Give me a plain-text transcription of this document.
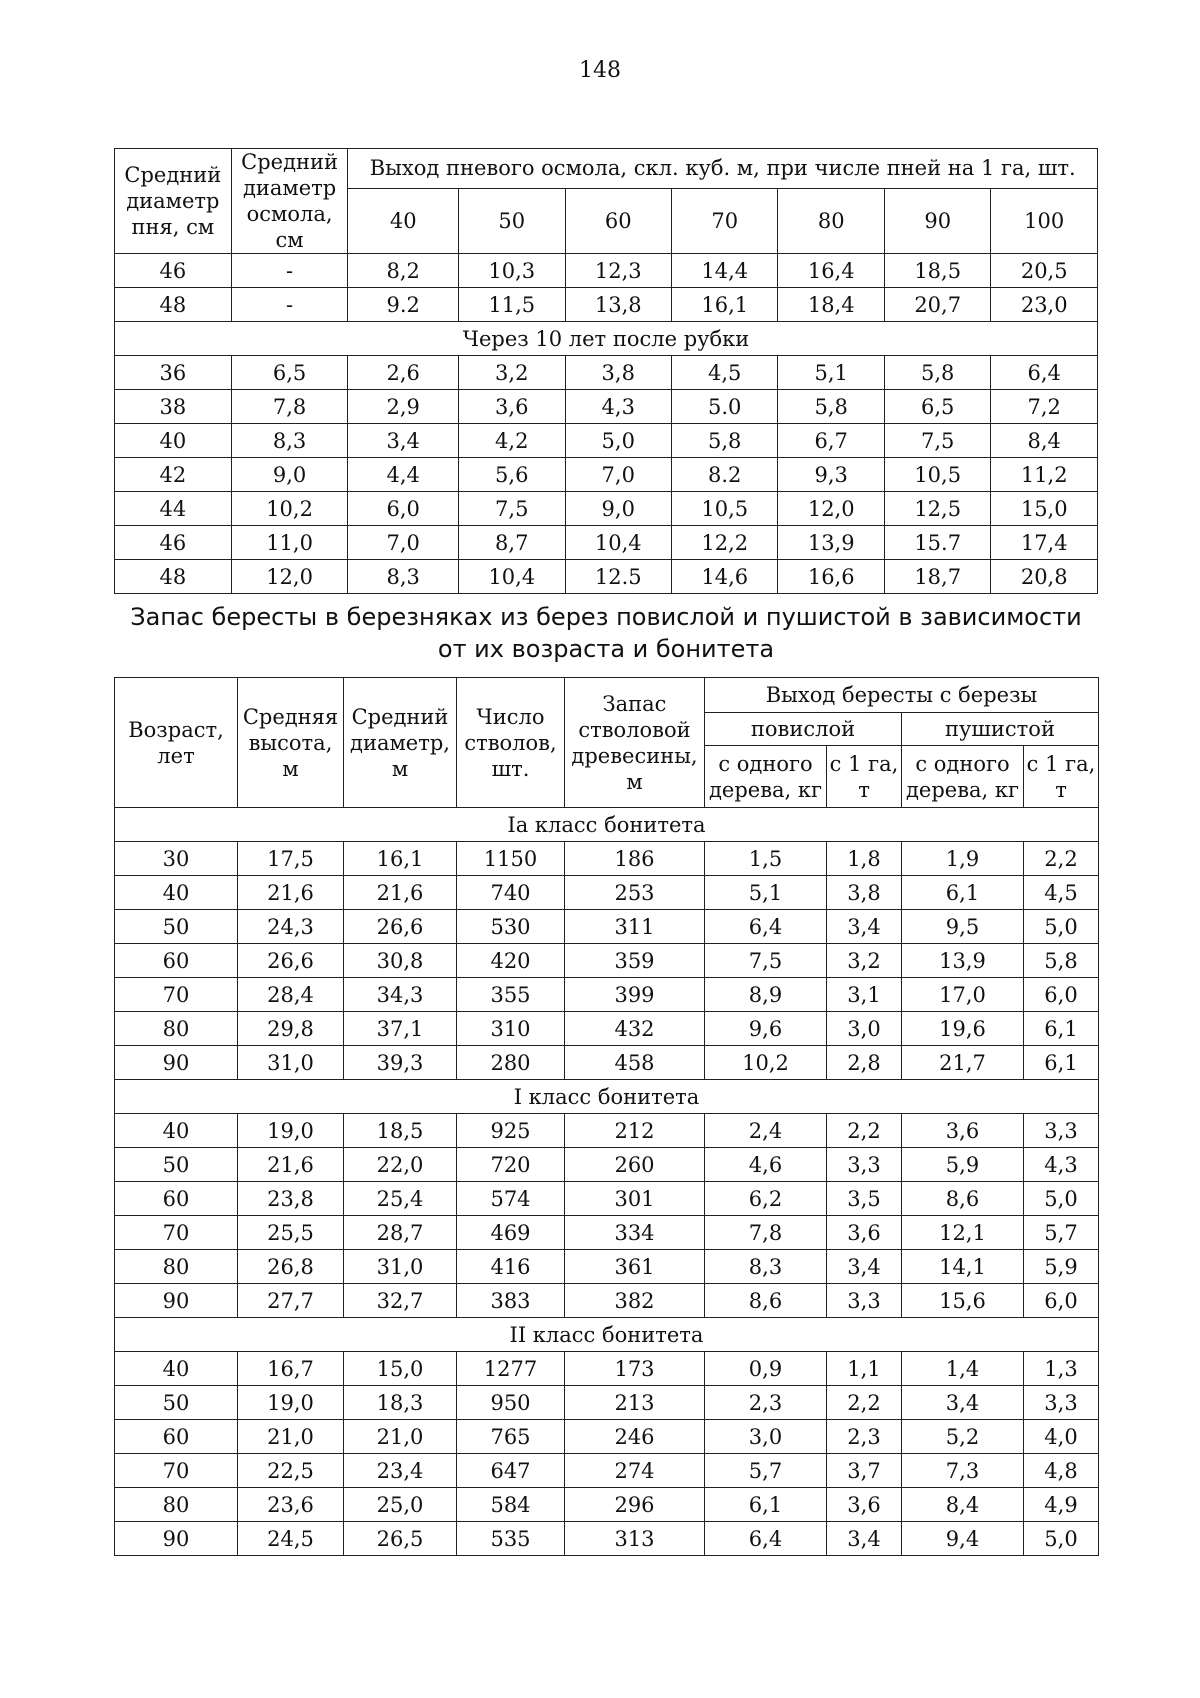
148
Средний диаметр пня, см	Средний диаметр осмола, см	Выход пневого осмола, скл. куб. м, при числе пней на 1 га, шт.						
		40	50	60	70	80	90	100
46	-	8,2	10,3	12,3	14,4	16,4	18,5	20,5
48	-	9.2	11,5	13,8	16,1	18,4	20,7	23,0
Через 10 лет после рубки								
36	6,5	2,6	3,2	3,8	4,5	5,1	5,8	6,4
38	7,8	2,9	3,6	4,3	5.0	5,8	6,5	7,2
40	8,3	3,4	4,2	5,0	5,8	6,7	7,5	8,4
42	9,0	4,4	5,6	7,0	8.2	9,3	10,5	11,2
44	10,2	6,0	7,5	9,0	10,5	12,0	12,5	15,0
46	11,0	7,0	8,7	10,4	12,2	13,9	15.7	17,4
48	12,0	8,3	10,4	12.5	14,6	16,6	18,7	20,8
Запас бересты в березняках из берез повислой и пушистой в зависимости
от их возраста и бонитета
Возраст, лет	Средняя высота, м	Средний диаметр, м	Число стволов, шт.	Запас стволовой древесины, м	Выход бересты с березы			
					повислой		пушистой	
					с одного дерева, кг	с 1 га, т	с одного дерева, кг	с 1 га, т
Ia класс бонитета								
30	17,5	16,1	1150	186	1,5	1,8	1,9	2,2
40	21,6	21,6	740	253	5,1	3,8	6,1	4,5
50	24,3	26,6	530	311	6,4	3,4	9,5	5,0
60	26,6	30,8	420	359	7,5	3,2	13,9	5,8
70	28,4	34,3	355	399	8,9	3,1	17,0	6,0
80	29,8	37,1	310	432	9,6	3,0	19,6	6,1
90	31,0	39,3	280	458	10,2	2,8	21,7	6,1
I класс бонитета								
40	19,0	18,5	925	212	2,4	2,2	3,6	3,3
50	21,6	22,0	720	260	4,6	3,3	5,9	4,3
60	23,8	25,4	574	301	6,2	3,5	8,6	5,0
70	25,5	28,7	469	334	7,8	3,6	12,1	5,7
80	26,8	31,0	416	361	8,3	3,4	14,1	5,9
90	27,7	32,7	383	382	8,6	3,3	15,6	6,0
II класс бонитета								
40	16,7	15,0	1277	173	0,9	1,1	1,4	1,3
50	19,0	18,3	950	213	2,3	2,2	3,4	3,3
60	21,0	21,0	765	246	3,0	2,3	5,2	4,0
70	22,5	23,4	647	274	5,7	3,7	7,3	4,8
80	23,6	25,0	584	296	6,1	3,6	8,4	4,9
90	24,5	26,5	535	313	6,4	3,4	9,4	5,0
